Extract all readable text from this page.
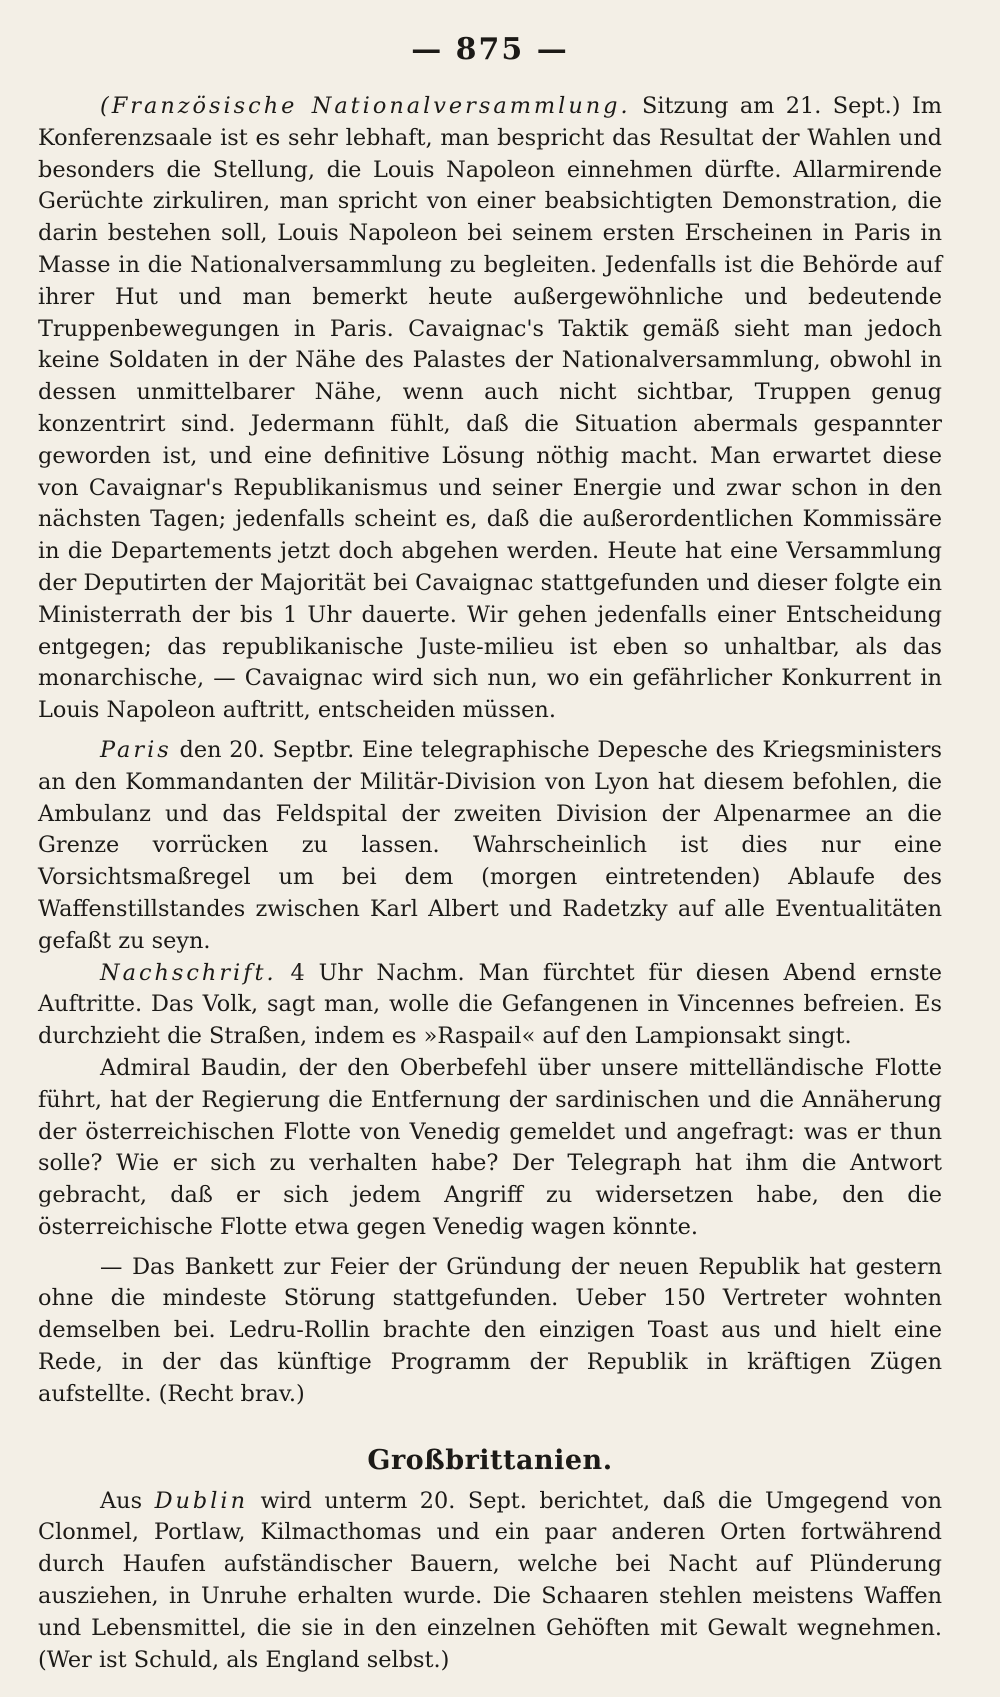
— 875 —

(Französische Nationalversammlung. Sitzung am 21. Sept.) Im Konferenzsaale ist es sehr lebhaft, man bespricht das Resultat der Wahlen und besonders die Stellung, die Louis Napoleon einnehmen dürfte. Allarmirende Gerüchte zirkuliren, man spricht von einer beabsichtigten Demonstration, die darin bestehen soll, Louis Napoleon bei seinem ersten Erscheinen in Paris in Masse in die Nationalversammlung zu begleiten. Jedenfalls ist die Behörde auf ihrer Hut und man bemerkt heute außergewöhnliche und bedeutende Truppenbewegungen in Paris. Cavaignac's Taktik gemäß sieht man jedoch keine Soldaten in der Nähe des Palastes der Nationalversammlung, obwohl in dessen unmittelbarer Nähe, wenn auch nicht sichtbar, Truppen genug konzentrirt sind. Jedermann fühlt, daß die Situation abermals gespannter geworden ist, und eine definitive Lösung nöthig macht. Man erwartet diese von Cavaignar's Republikanismus und seiner Energie und zwar schon in den nächsten Tagen; jedenfalls scheint es, daß die außerordentlichen Kommissäre in die Departements jetzt doch abgehen werden. Heute hat eine Versammlung der Deputirten der Majorität bei Cavaignac stattgefunden und dieser folgte ein Ministerrath der bis 1 Uhr dauerte. Wir gehen jedenfalls einer Entscheidung entgegen; das republikanische Juste-milieu ist eben so unhaltbar, als das monarchische, — Cavaignac wird sich nun, wo ein gefährlicher Konkurrent in Louis Napoleon auftritt, entscheiden müssen.

Paris den 20. Septbr. Eine telegraphische Depesche des Kriegsministers an den Kommandanten der Militär-Division von Lyon hat diesem befohlen, die Ambulanz und das Feldspital der zweiten Division der Alpenarmee an die Grenze vorrücken zu lassen. Wahrscheinlich ist dies nur eine Vorsichtsmaßregel um bei dem (morgen eintretenden) Ablaufe des Waffenstillstandes zwischen Karl Albert und Radetzky auf alle Eventualitäten gefaßt zu seyn.

Nachschrift. 4 Uhr Nachm. Man fürchtet für diesen Abend ernste Auftritte. Das Volk, sagt man, wolle die Gefangenen in Vincennes befreien. Es durchzieht die Straßen, indem es »Raspail« auf den Lampionsakt singt.

Admiral Baudin, der den Oberbefehl über unsere mittelländische Flotte führt, hat der Regierung die Entfernung der sardinischen und die Annäherung der österreichischen Flotte von Venedig gemeldet und angefragt: was er thun solle? Wie er sich zu verhalten habe? Der Telegraph hat ihm die Antwort gebracht, daß er sich jedem Angriff zu widersetzen habe, den die österreichische Flotte etwa gegen Venedig wagen könnte.

— Das Bankett zur Feier der Gründung der neuen Republik hat gestern ohne die mindeste Störung stattgefunden. Ueber 150 Vertreter wohnten demselben bei. Ledru-Rollin brachte den einzigen Toast aus und hielt eine Rede, in der das künftige Programm der Republik in kräftigen Zügen aufstellte. (Recht brav.)

Großbrittanien.

Aus Dublin wird unterm 20. Sept. berichtet, daß die Umgegend von Clonmel, Portlaw, Kilmacthomas und ein paar anderen Orten fortwährend durch Haufen aufständischer Bauern, welche bei Nacht auf Plünderung ausziehen, in Unruhe erhalten wurde. Die Schaaren stehlen meistens Waffen und Lebensmittel, die sie in den einzelnen Gehöften mit Gewalt wegnehmen. (Wer ist Schuld, als England selbst.)
